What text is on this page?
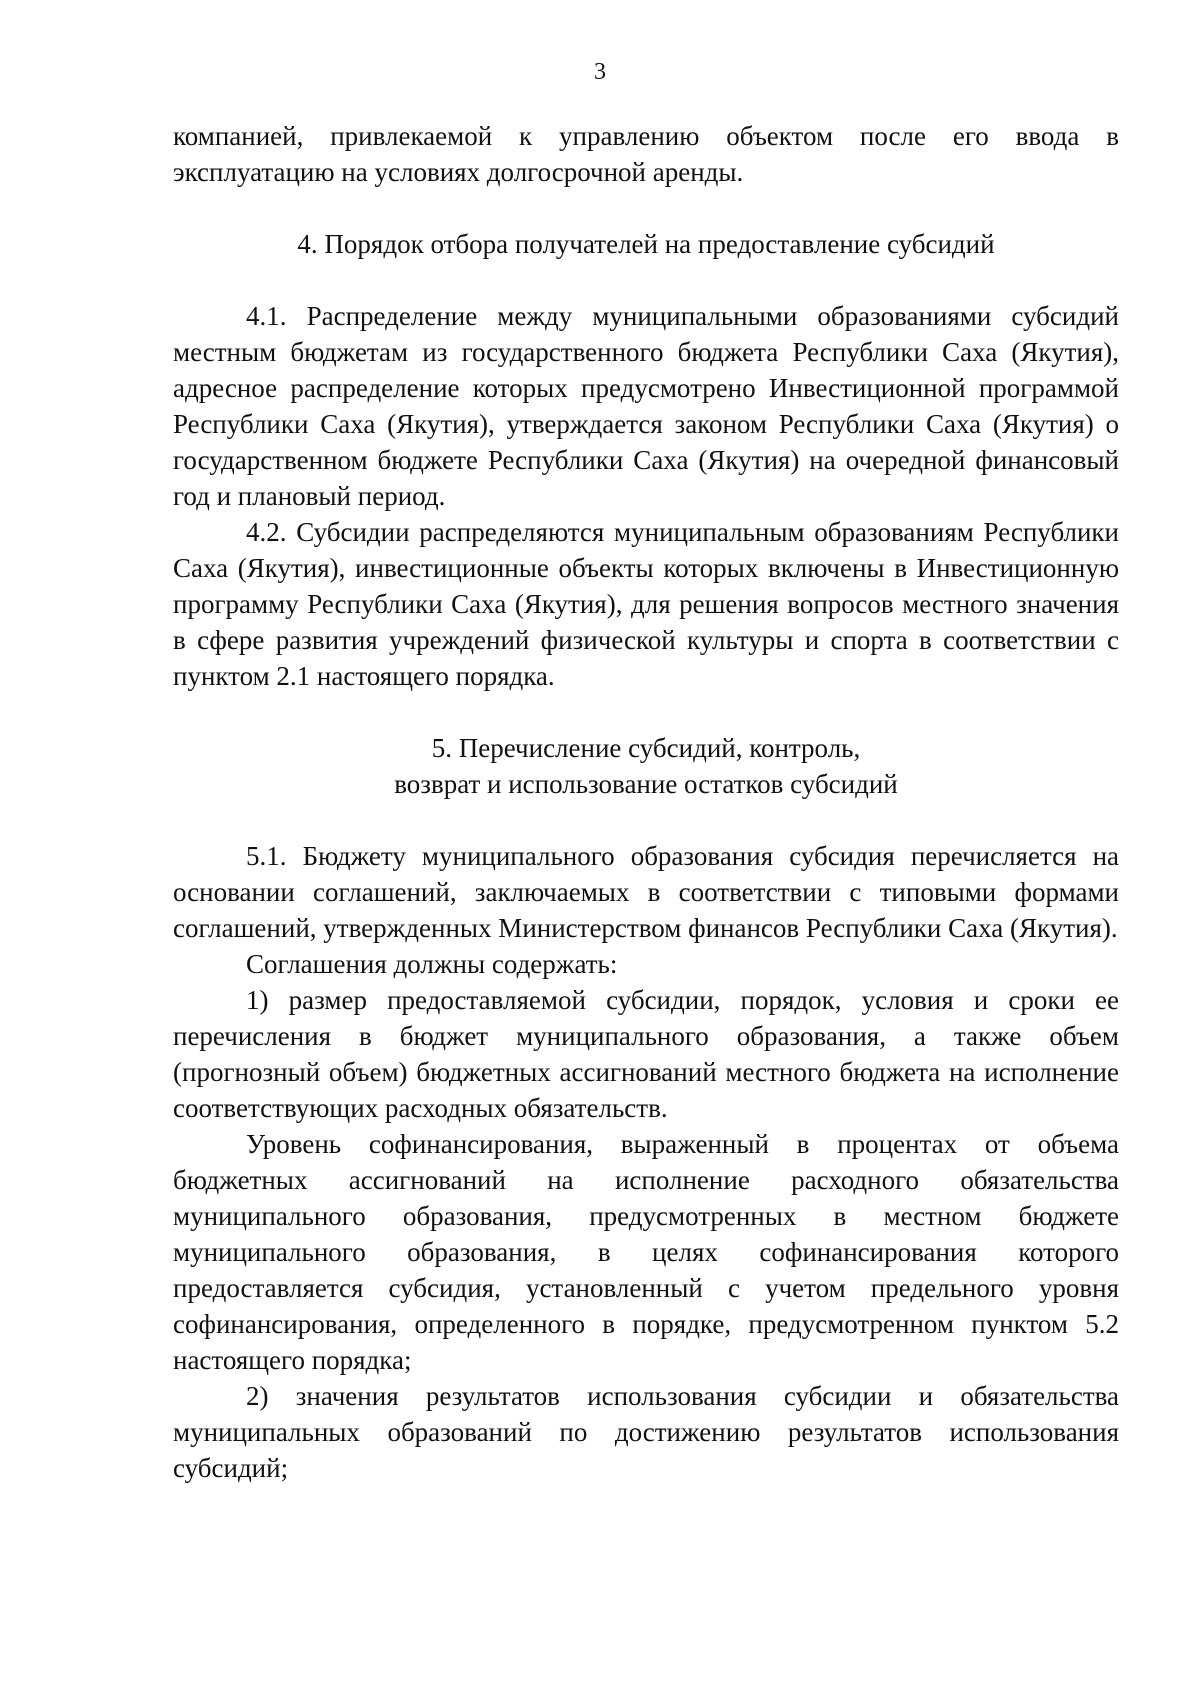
3

компанией, привлекаемой к управлению объектом после его ввода в эксплуатацию на условиях долгосрочной аренды.

4. Порядок отбора получателей на предоставление субсидий

4.1. Распределение между муниципальными образованиями субсидий местным бюджетам из государственного бюджета Республики Саха (Якутия), адресное распределение которых предусмотрено Инвестиционной программой Республики Саха (Якутия), утверждается законом Республики Саха (Якутия) о государственном бюджете Республики Саха (Якутия) на очередной финансовый год и плановый период.

4.2. Субсидии распределяются муниципальным образованиям Республики Саха (Якутия), инвестиционные объекты которых включены в Инвестиционную программу Республики Саха (Якутия), для решения вопросов местного значения в сфере развития учреждений физической культуры и спорта в соответствии с пунктом 2.1 настоящего порядка.

5. Перечисление субсидий, контроль,
возврат и использование остатков субсидий

5.1. Бюджету муниципального образования субсидия перечисляется на основании соглашений, заключаемых в соответствии с типовыми формами соглашений, утвержденных Министерством финансов Республики Саха (Якутия).

Соглашения должны содержать:

1) размер предоставляемой субсидии, порядок, условия и сроки ее перечисления в бюджет муниципального образования, а также объем (прогнозный объем) бюджетных ассигнований местного бюджета на исполнение соответствующих расходных обязательств.

Уровень софинансирования, выраженный в процентах от объема бюджетных ассигнований на исполнение расходного обязательства муниципального образования, предусмотренных в местном бюджете муниципального образования, в целях софинансирования которого предоставляется субсидия, установленный с учетом предельного уровня софинансирования, определенного в порядке, предусмотренном пунктом 5.2 настоящего порядка;

2) значения результатов использования субсидии и обязательства муниципальных образований по достижению результатов использования субсидий;
